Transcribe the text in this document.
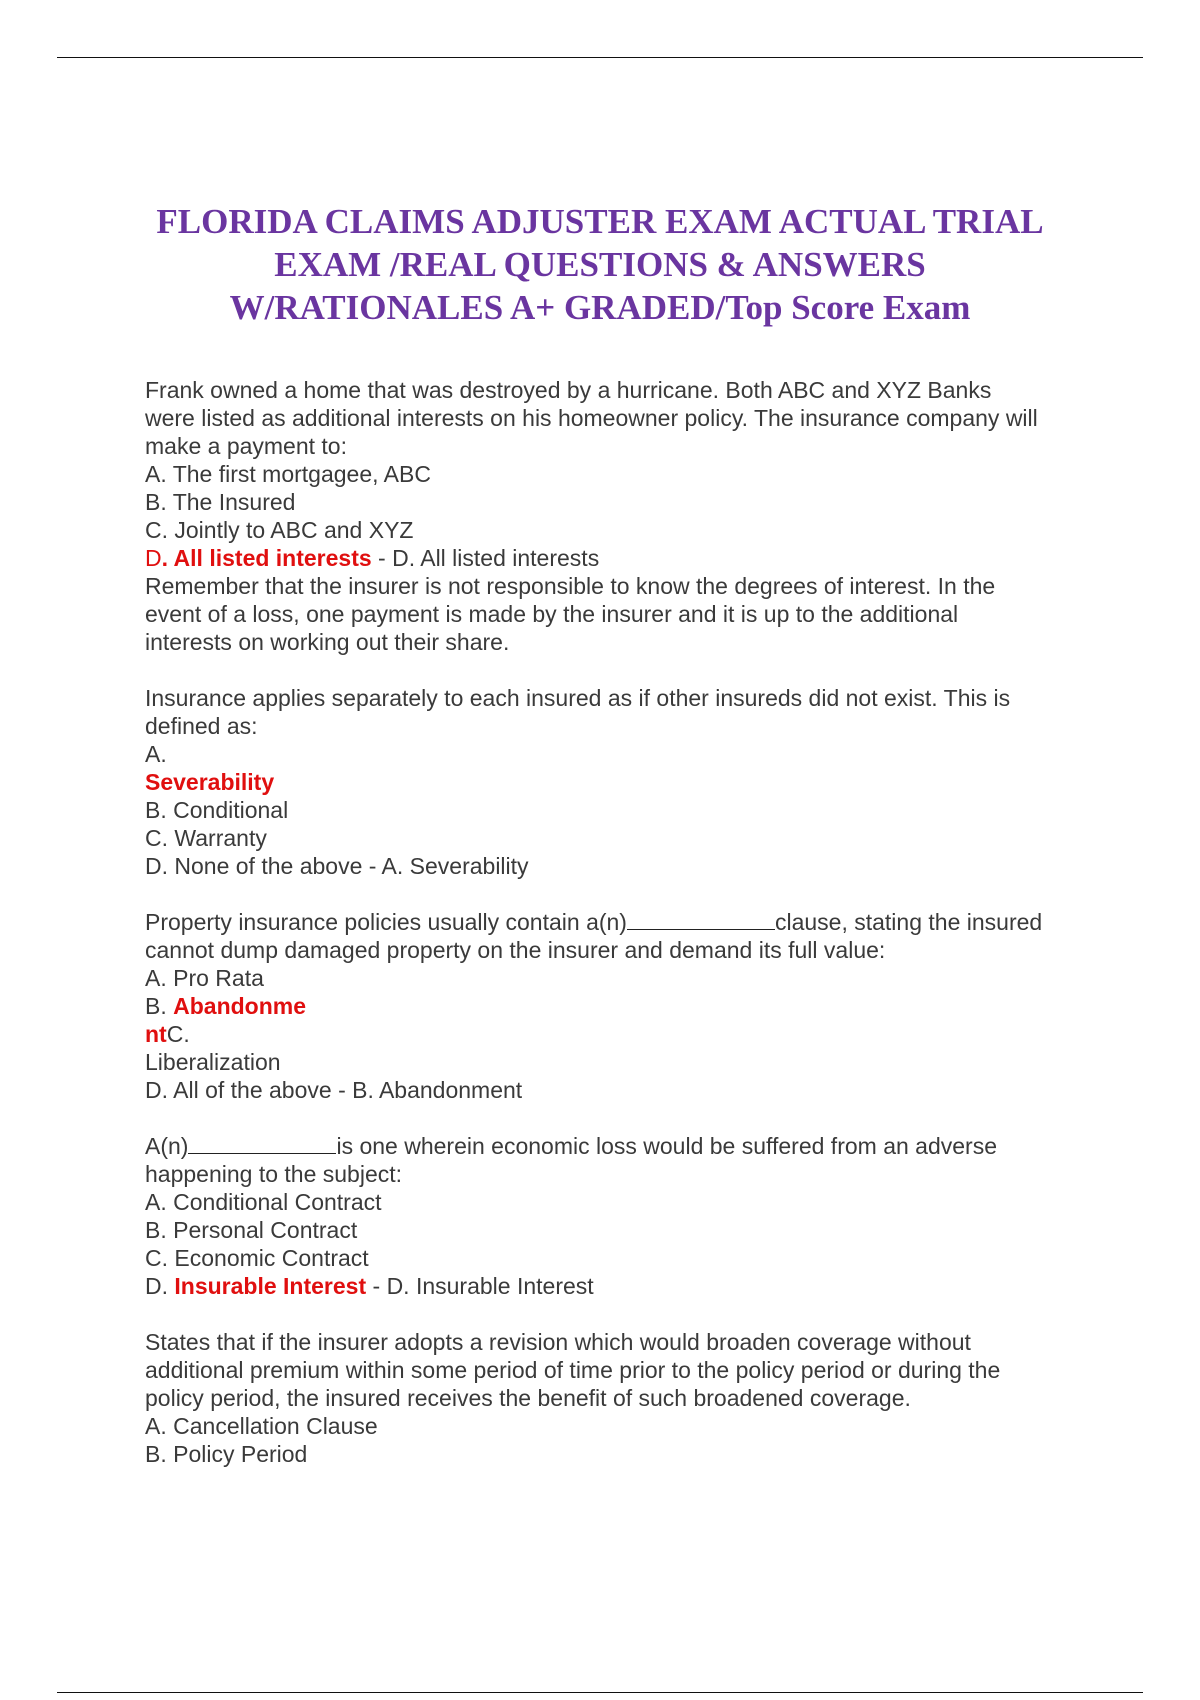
FLORIDA CLAIMS ADJUSTER EXAM ACTUAL TRIAL
EXAM /REAL QUESTIONS & ANSWERS
W/RATIONALES A+ GRADED/Top Score Exam

Frank owned a home that was destroyed by a hurricane. Both ABC and XYZ Banks

were listed as additional interests on his homeowner policy. The insurance company will

make a payment to:

A. The first mortgagee, ABC

B. The Insured

C. Jointly to ABC and XYZ

D. All listed interests - D. All listed interests

Remember that the insurer is not responsible to know the degrees of interest. In the

event of a loss, one payment is made by the insurer and it is up to the additional

interests on working out their share.

Insurance applies separately to each insured as if other insureds did not exist. This is

defined as:

A.

Severability

B. Conditional

C. Warranty

D. None of the above - A. Severability

Property insurance policies usually contain a(n)	clause, stating the insured

cannot dump damaged property on the insurer and demand its full value:

A. Pro Rata

B. Abandonme

ntC.

Liberalization

D. All of the above - B. Abandonment

A(n)	is one wherein economic loss would be suffered from an adverse

happening to the subject:

A. Conditional Contract

B. Personal Contract

C. Economic Contract

D. Insurable Interest - D. Insurable Interest

States that if the insurer adopts a revision which would broaden coverage without

additional premium within some period of time prior to the policy period or during the

policy period, the insured receives the benefit of such broadened coverage.

A. Cancellation Clause

B. Policy Period
